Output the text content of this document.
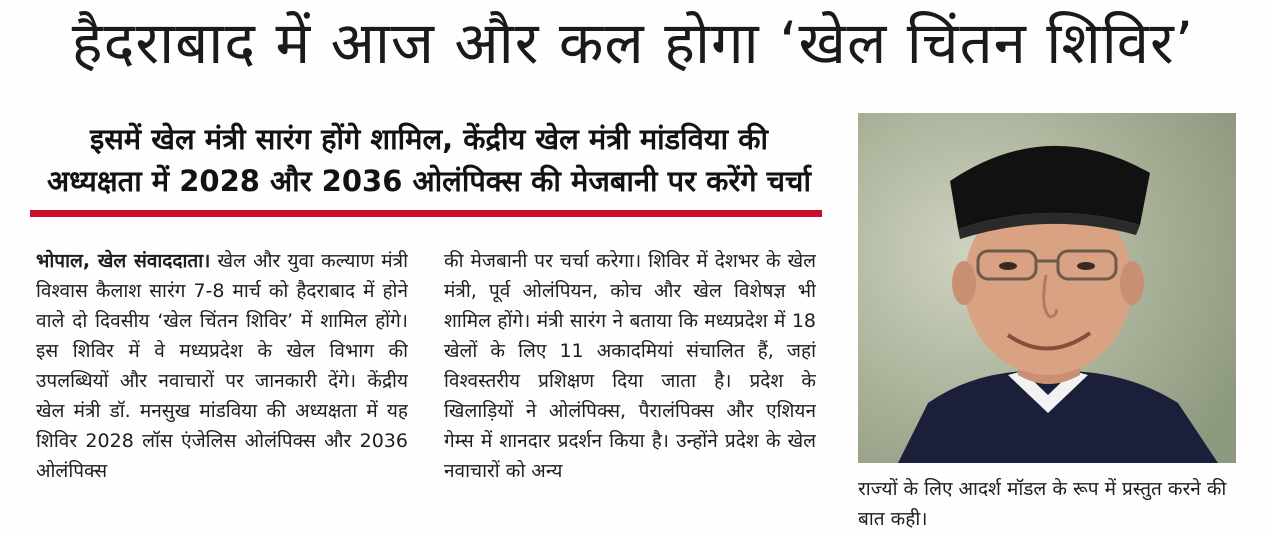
हैदराबाद में आज और कल होगा ‘खेल चिंतन शिविर’
इसमें खेल मंत्री सारंग होंगे शामिल, केंद्रीय खेल मंत्री मांडविया की
अध्यक्षता में 2028 और 2036 ओलंपिक्स की मेजबानी पर करेंगे चर्चा
भोपाल, खेल संवाददाता। खेल और युवा कल्याण मंत्री विश्वास कैलाश सारंग 7-8 मार्च को हैदराबाद में होने वाले दो दिवसीय ‘खेल चिंतन शिविर’ में शामिल होंगे। इस शिविर में वे मध्यप्रदेश के खेल विभाग की उपलब्धियों और नवाचारों पर जानकारी देंगे। केंद्रीय खेल मंत्री डॉ. मनसुख मांडविया की अध्यक्षता में यह शिविर 2028 लॉस एंजेलिस ओलंपिक्स और 2036 ओलंपिक्स
की मेजबानी पर चर्चा करेगा। शिविर में देशभर के खेल मंत्री, पूर्व ओलंपियन, कोच और खेल विशेषज्ञ भी शामिल होंगे। मंत्री सारंग ने बताया कि मध्यप्रदेश में 18 खेलों के लिए 11 अकादमियां संचालित हैं, जहां विश्वस्तरीय प्रशिक्षण दिया जाता है। प्रदेश के खिलाड़ियों ने ओलंपिक्स, पैरालंपिक्स और एशियन गेम्स में शानदार प्रदर्शन किया है। उन्होंने प्रदेश के खेल नवाचारों को अन्य
राज्यों के लिए आदर्श मॉडल के रूप में प्रस्तुत करने की बात कही।
